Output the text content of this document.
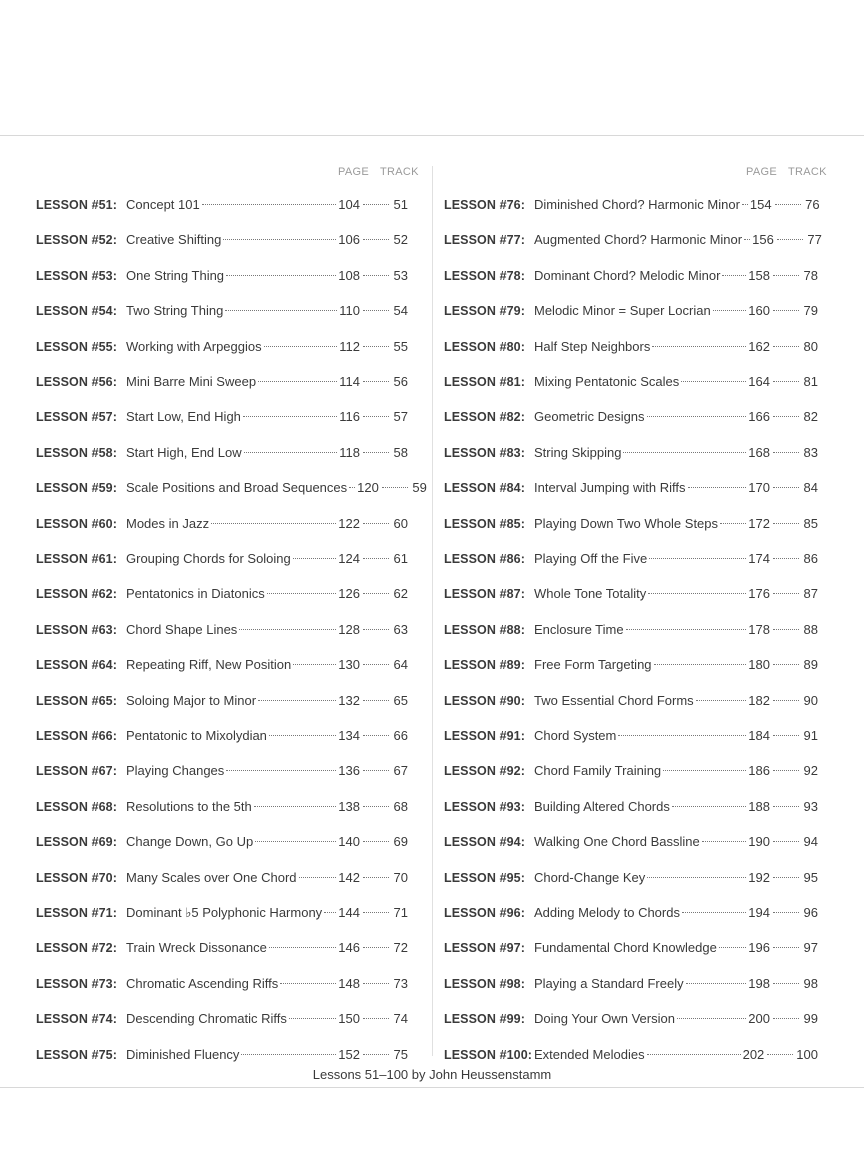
PAGE TRACK
LESSON #51: Concept 101	104	51
LESSON #52: Creative Shifting	106	52
LESSON #53: One String Thing	108	53
LESSON #54: Two String Thing	110	54
LESSON #55: Working with Arpeggios	112	55
LESSON #56: Mini Barre Mini Sweep	114	56
LESSON #57: Start Low, End High	116	57
LESSON #58: Start High, End Low	118	58
LESSON #59: Scale Positions and Broad Sequences 120	59
LESSON #60: Modes in Jazz	122	60
LESSON #61: Grouping Chords for Soloing	124	61
LESSON #62: Pentatonics in Diatonics	126	62
LESSON #63: Chord Shape Lines	128	63
LESSON #64: Repeating Riff, New Position	130	64
LESSON #65: Soloing Major to Minor	132	65
LESSON #66: Pentatonic to Mixolydian	134	66
LESSON #67: Playing Changes	136	67
LESSON #68: Resolutions to the 5th	138	68
LESSON #69: Change Down, Go Up	140	69
LESSON #70: Many Scales over One Chord	142	70
LESSON #71: Dominant ♭5 Polyphonic Harmony 144	71
LESSON #72: Train Wreck Dissonance	146	72
LESSON #73: Chromatic Ascending Riffs	148	73
LESSON #74: Descending Chromatic Riffs	150	74
LESSON #75: Diminished Fluency	152	75
PAGE TRACK
LESSON #76: Diminished Chord? Harmonic Minor 154	76
LESSON #77: Augmented Chord? Harmonic Minor 156	77
LESSON #78: Dominant Chord? Melodic Minor 158	78
LESSON #79: Melodic Minor = Super Locrian	160	79
LESSON #80: Half Step Neighbors	162	80
LESSON #81: Mixing Pentatonic Scales	164	81
LESSON #82: Geometric Designs	166	82
LESSON #83: String Skipping	168	83
LESSON #84: Interval Jumping with Riffs	170	84
LESSON #85: Playing Down Two Whole Steps 172	85
LESSON #86: Playing Off the Five	174	86
LESSON #87: Whole Tone Totality	176	87
LESSON #88: Enclosure Time	178	88
LESSON #89: Free Form Targeting	180	89
LESSON #90: Two Essential Chord Forms	182	90
LESSON #91: Chord System	184	91
LESSON #92: Chord Family Training	186	92
LESSON #93: Building Altered Chords	188	93
LESSON #94: Walking One Chord Bassline	190	94
LESSON #95: Chord-Change Key	192	95
LESSON #96: Adding Melody to Chords	194	96
LESSON #97: Fundamental Chord Knowledge 196	97
LESSON #98: Playing a Standard Freely	198	98
LESSON #99: Doing Your Own Version	200	99
LESSON #100: Extended Melodies	202 100
Lessons 51–100 by John Heussenstamm
